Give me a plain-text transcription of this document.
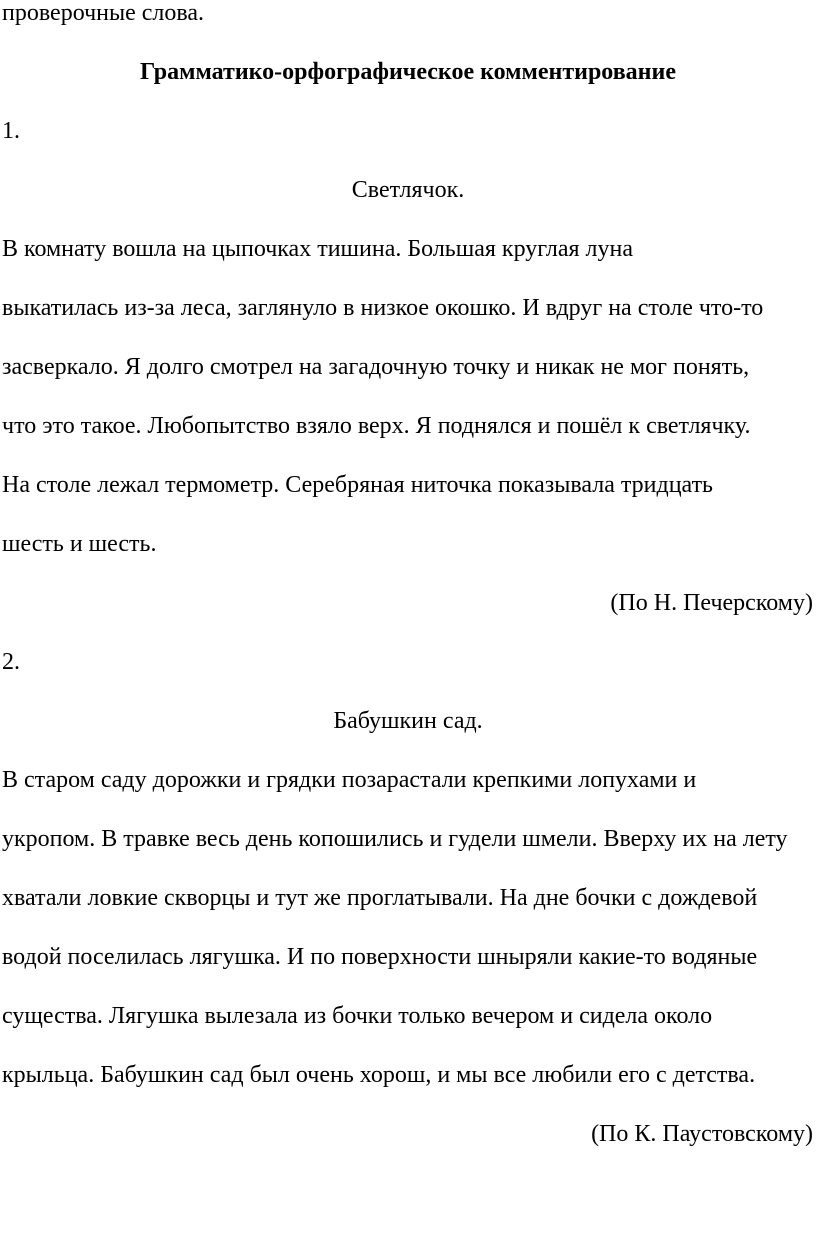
проверочные слова.
Грамматико-орфографическое комментирование
1.
Светлячок.
В комнату вошла на цыпочках тишина. Большая круглая луна
выкатилась из-за леса, заглянуло в низкое окошко. И вдруг на столе что-то
засверкало. Я долго смотрел на загадочную точку и никак не мог понять,
что это такое. Любопытство взяло верх. Я поднялся и пошёл к светлячку.
На столе лежал термометр. Серебряная ниточка показывала тридцать
шесть и шесть.
(По Н. Печерскому)
2.
Бабушкин сад.
В старом саду дорожки и грядки позарастали крепкими лопухами и
укропом. В травке весь день копошились и гудели шмели. Вверху их на лету
хватали ловкие скворцы и тут же проглатывали. На дне бочки с дождевой
водой поселилась лягушка. И по поверхности шныряли какие-то водяные
существа. Лягушка вылезала из бочки только вечером и сидела около
крыльца. Бабушкин сад был очень хорош, и мы все любили его с детства.
(По К. Паустовскому)
